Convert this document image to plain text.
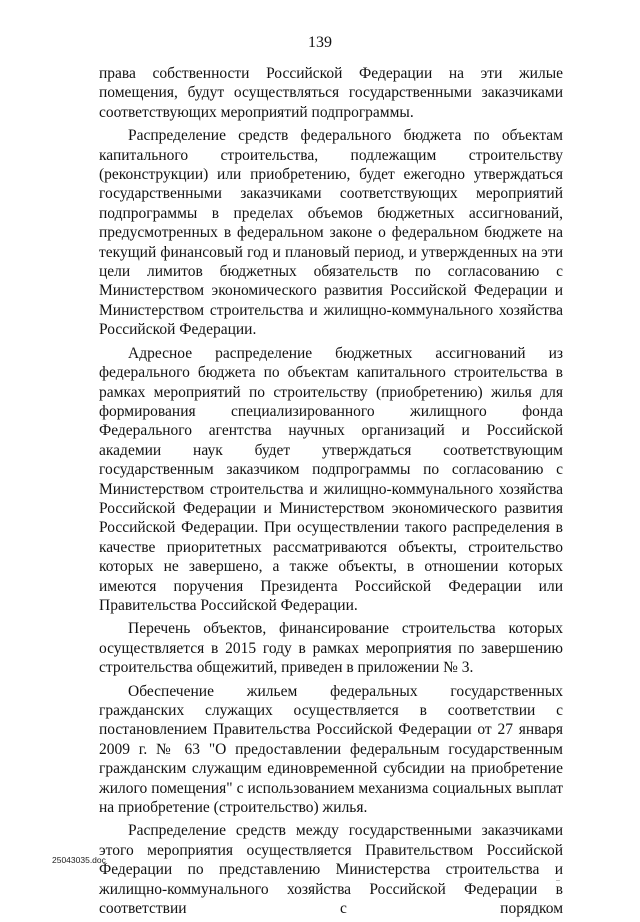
139

права собственности Российской Федерации на эти жилые помещения, будут осуществляться государственными заказчиками соответствующих мероприятий подпрограммы.

Распределение средств федерального бюджета по объектам капитального строительства, подлежащим строительству (реконструкции) или приобретению, будет ежегодно утверждаться государственными заказчиками соответствующих мероприятий подпрограммы в пределах объемов бюджетных ассигнований, предусмотренных в федеральном законе о федеральном бюджете на текущий финансовый год и плановый период, и утвержденных на эти цели лимитов бюджетных обязательств по согласованию с Министерством экономического развития Российской Федерации и Министерством строительства и жилищно-коммунального хозяйства Российской Федерации.

Адресное распределение бюджетных ассигнований из федерального бюджета по объектам капитального строительства в рамках мероприятий по строительству (приобретению) жилья для формирования специализированного жилищного фонда Федерального агентства научных организаций и Российской академии наук будет утверждаться соответствующим государственным заказчиком подпрограммы по согласованию с Министерством строительства и жилищно-коммунального хозяйства Российской Федерации и Министерством экономического развития Российской Федерации. При осуществлении такого распределения в качестве приоритетных рассматриваются объекты, строительство которых не завершено, а также объекты, в отношении которых имеются поручения Президента Российской Федерации или Правительства Российской Федерации.

Перечень объектов, финансирование строительства которых осуществляется в 2015 году в рамках мероприятия по завершению строительства общежитий, приведен в приложении № 3.

Обеспечение жильем федеральных государственных гражданских служащих осуществляется в соответствии с постановлением Правительства Российской Федерации от 27 января 2009 г. № 63 "О предоставлении федеральным государственным гражданским служащим единовременной субсидии на приобретение жилого помещения" с использованием механизма социальных выплат на приобретение (строительство) жилья.

Распределение средств между государственными заказчиками этого мероприятия осуществляется Правительством Российской Федерации по представлению Министерства строительства и жилищно-коммунального хозяйства Российской Федерации в соответствии с порядком

25043035.doc
